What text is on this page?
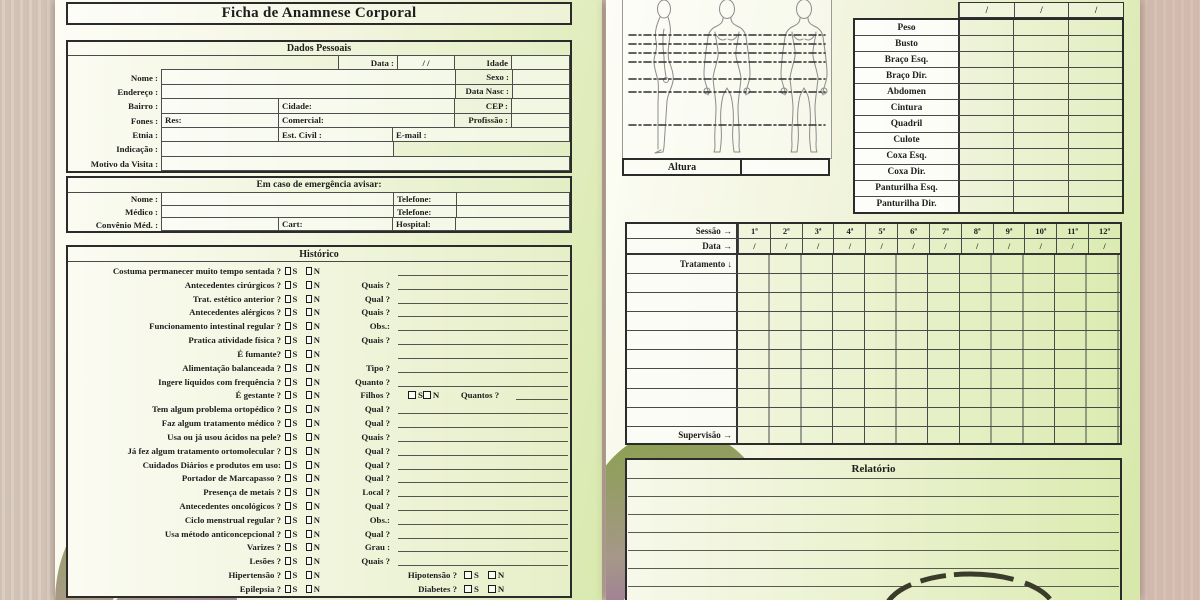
Ficha de Anamnese Corporal
Dados Pessoais
Data :	/ /	Idade
Nome :	Sexo :
Endereço :	Data Nasc :
Bairro :	Cidade:	CEP :
Fones : Res:	Comercial:	Profissão :
Etnia :	Est. Civil :	E-mail :
Indicação :
Motivo da Visita :
Em caso de emergência avisar:
Nome :	Telefone:
Médico :	Telefone:
Convênio Méd. :	Cart:	Hospital:
Histórico
Costuma permanecer muito tempo sentada ? S N
Antecedentes cirúrgicos ? S N	Quais ?
Trat. estético anterior ? S N	Qual ?
Antecedentes alérgicos ? S N	Quais ?
Funcionamento intestinal regular ? S N	Obs.:
Pratica atividade física ? S N	Quais ?
É fumante? S N
Alimentação balanceada ? S N	Tipo ?
Ingere líquidos com frequência ? S N	Quanto ?
É gestante ? S N	Filhos ?	S N	Quantos ?
Tem algum problema ortopédico ? S N	Qual ?
Faz algum tratamento médico ? S N	Qual ?
Usa ou já usou ácidos na pele? S N	Quais ?
Já fez algum tratamento ortomolecular ? S N	Qual ?
Cuidados Diários e produtos em uso: S N	Qual ?
Portador de Marcapasso ? S N	Qual ?
Presença de metais ? S N	Local ?
Antecedentes oncológicos ? S N	Qual ?
Ciclo menstrual regular ? S N	Obs.:
Usa método anticoncepcional ? S N	Qual ?
Varizes ? S N	Grau :
Lesões ? S N	Quais ?
Hipertensão ? S N	Hipotensão ? S N
Epilepsia ? S N	Diabetes ? S N
Altura
/	/	/
Peso
Busto
Braço Esq.
Braço Dir.
Abdomen
Cintura
Quadril
Culote
Coxa Esq.
Coxa Dir.
Panturilha Esq.
Panturilha Dir.
Sessão →	1ª	2ª	3ª	4ª	5ª	6ª	7ª	8ª	9ª	10ª	11ª	12ª
Data →	/	/	/	/	/	/	/	/	/	/	/	/
Tratamento ↓
Supervisão →
Relatório
